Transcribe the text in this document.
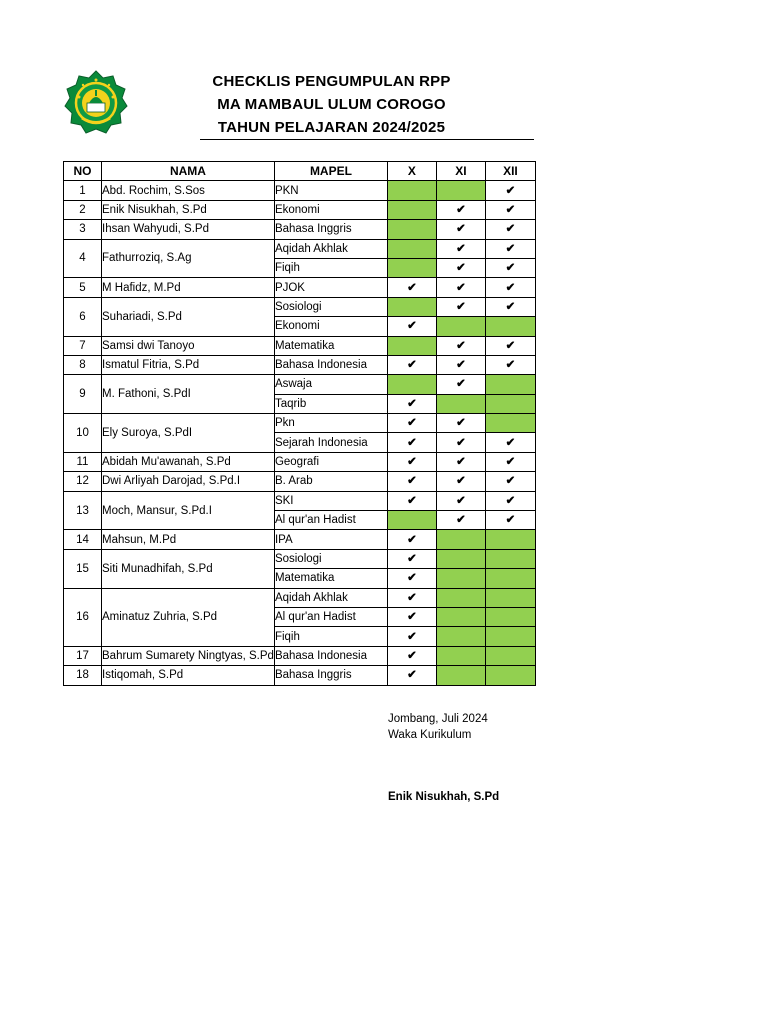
CHECKLIS PENGUMPULAN RPP
MA MAMBAUL ULUM COROGO
TAHUN PELAJARAN 2024/2025
NO	NAMA	MAPEL	X	XI	XII
1	Abd. Rochim, S.Sos	PKN			✔
2	Enik Nisukhah, S.Pd	Ekonomi		✔	✔
3	Ihsan Wahyudi, S.Pd	Bahasa Inggris		✔	✔
4	Fathurroziq, S.Ag	Aqidah Akhlak		✔	✔
		Fiqih		✔	✔
5	M Hafidz, M.Pd	PJOK	✔	✔	✔
6	Suhariadi, S.Pd	Sosiologi		✔	✔
		Ekonomi	✔		
7	Samsi dwi Tanoyo	Matematika		✔	✔
8	Ismatul Fitria, S.Pd	Bahasa Indonesia	✔	✔	✔
9	M. Fathoni, S.PdI	Aswaja		✔	
		Taqrib	✔		
10	Ely Suroya, S.PdI	Pkn	✔	✔	
		Sejarah Indonesia	✔	✔	✔
11	Abidah Mu'awanah, S.Pd	Geografi	✔	✔	✔
12	Dwi Arliyah Darojad, S.Pd.I	B. Arab	✔	✔	✔
13	Moch, Mansur, S.Pd.I	SKI	✔	✔	✔
		Al qur'an Hadist		✔	✔
14	Mahsun, M.Pd	IPA	✔		
15	Siti Munadhifah, S.Pd	Sosiologi	✔		
		Matematika	✔		
16	Aminatuz Zuhria, S.Pd	Aqidah Akhlak	✔		
		Al qur'an Hadist	✔		
		Fiqih	✔		
17	Bahrum Sumarety Ningtyas, S.Pd	Bahasa Indonesia	✔		
18	Istiqomah, S.Pd	Bahasa Inggris	✔		
Jombang, Juli 2024
Waka Kurikulum
Enik Nisukhah, S.Pd
